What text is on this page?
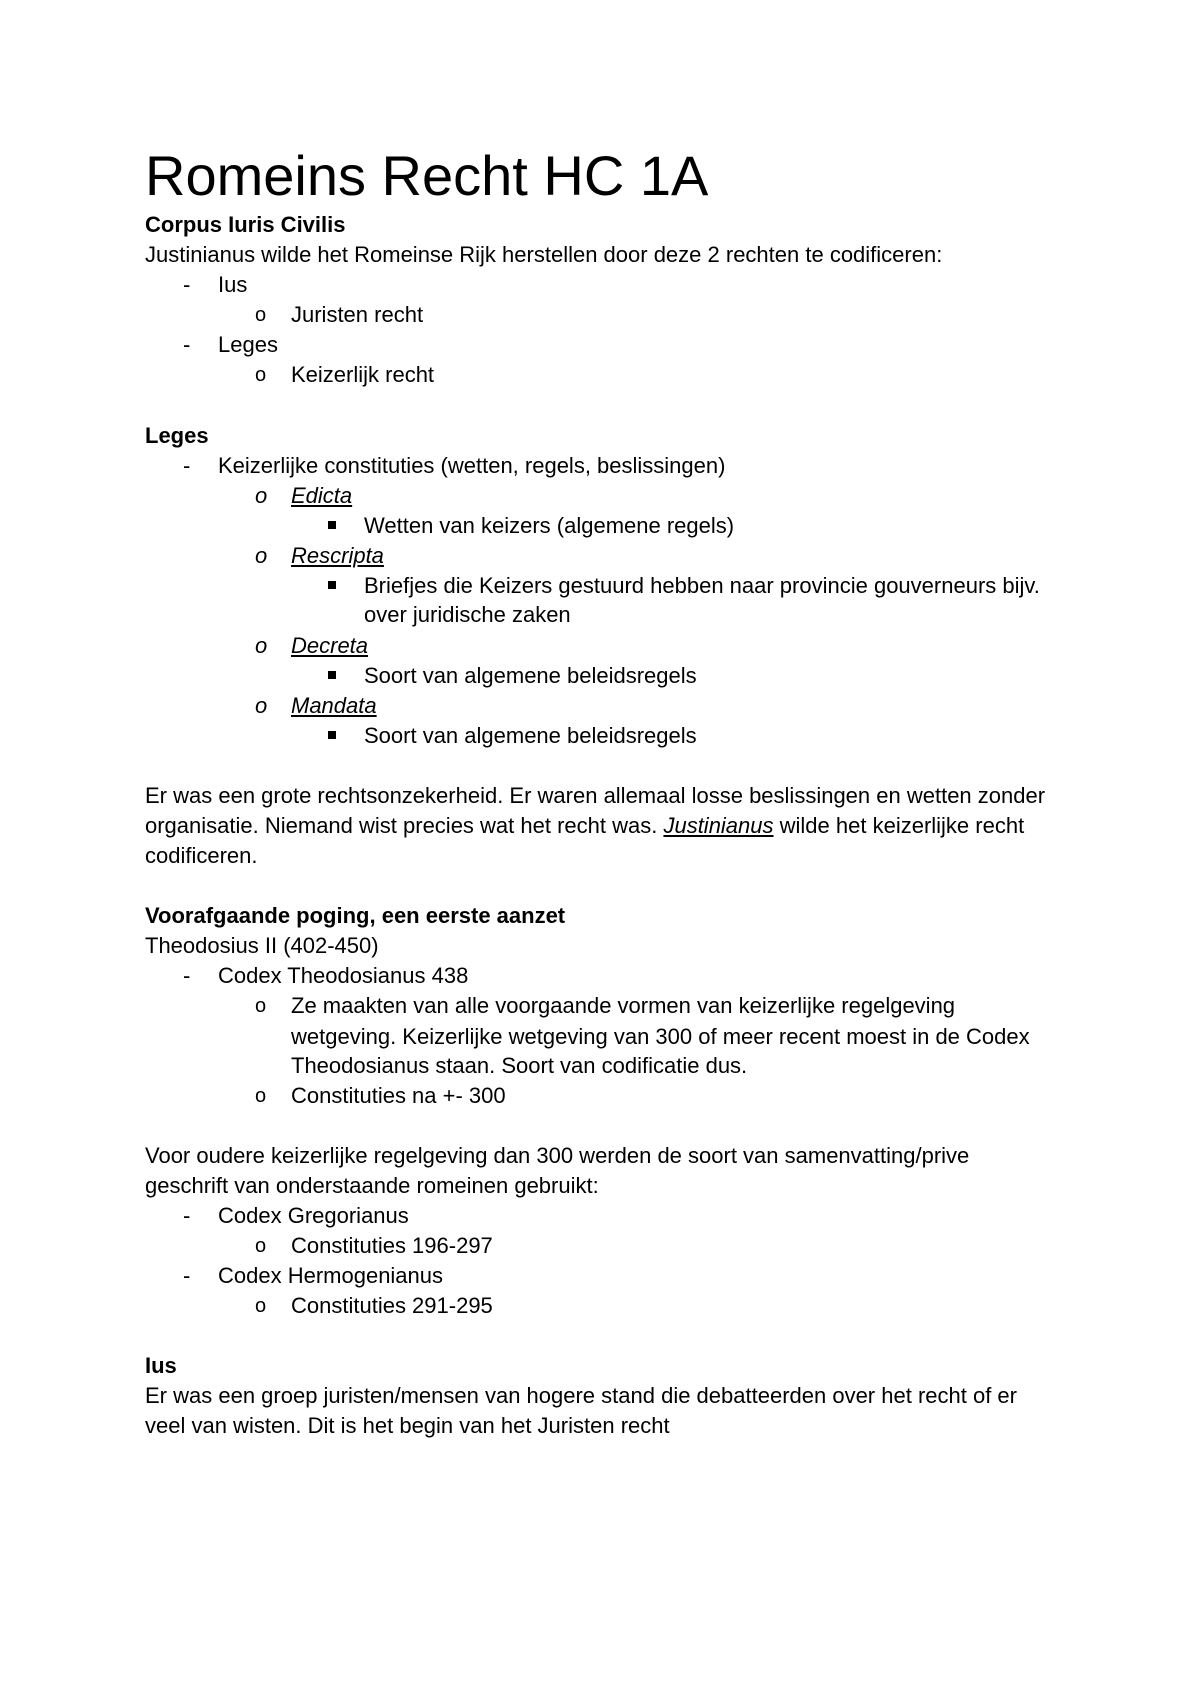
Romeins Recht HC 1A
Corpus Iuris Civilis
Justinianus wilde het Romeinse Rijk herstellen door deze 2 rechten te codificeren:
- Ius
o Juristen recht
- Leges
o Keizerlijk recht
Leges
- Keizerlijke constituties (wetten, regels, beslissingen)
o Edicta
Wetten van keizers (algemene regels)
o Rescripta
Briefjes die Keizers gestuurd hebben naar provincie gouverneurs bijv.
over juridische zaken
o Decreta
Soort van algemene beleidsregels
o Mandata
Soort van algemene beleidsregels
Er was een grote rechtsonzekerheid. Er waren allemaal losse beslissingen en wetten zonder
organisatie. Niemand wist precies wat het recht was. Justinianus wilde het keizerlijke recht
codificeren.
Voorafgaande poging, een eerste aanzet
Theodosius II (402-450)
- Codex Theodosianus 438
o Ze maakten van alle voorgaande vormen van keizerlijke regelgeving
wetgeving. Keizerlijke wetgeving van 300 of meer recent moest in de Codex
Theodosianus staan. Soort van codificatie dus.
o Constituties na +- 300
Voor oudere keizerlijke regelgeving dan 300 werden de soort van samenvatting/prive
geschrift van onderstaande romeinen gebruikt:
- Codex Gregorianus
o Constituties 196-297
- Codex Hermogenianus
o Constituties 291-295
Ius
Er was een groep juristen/mensen van hogere stand die debatteerden over het recht of er
veel van wisten. Dit is het begin van het Juristen recht
